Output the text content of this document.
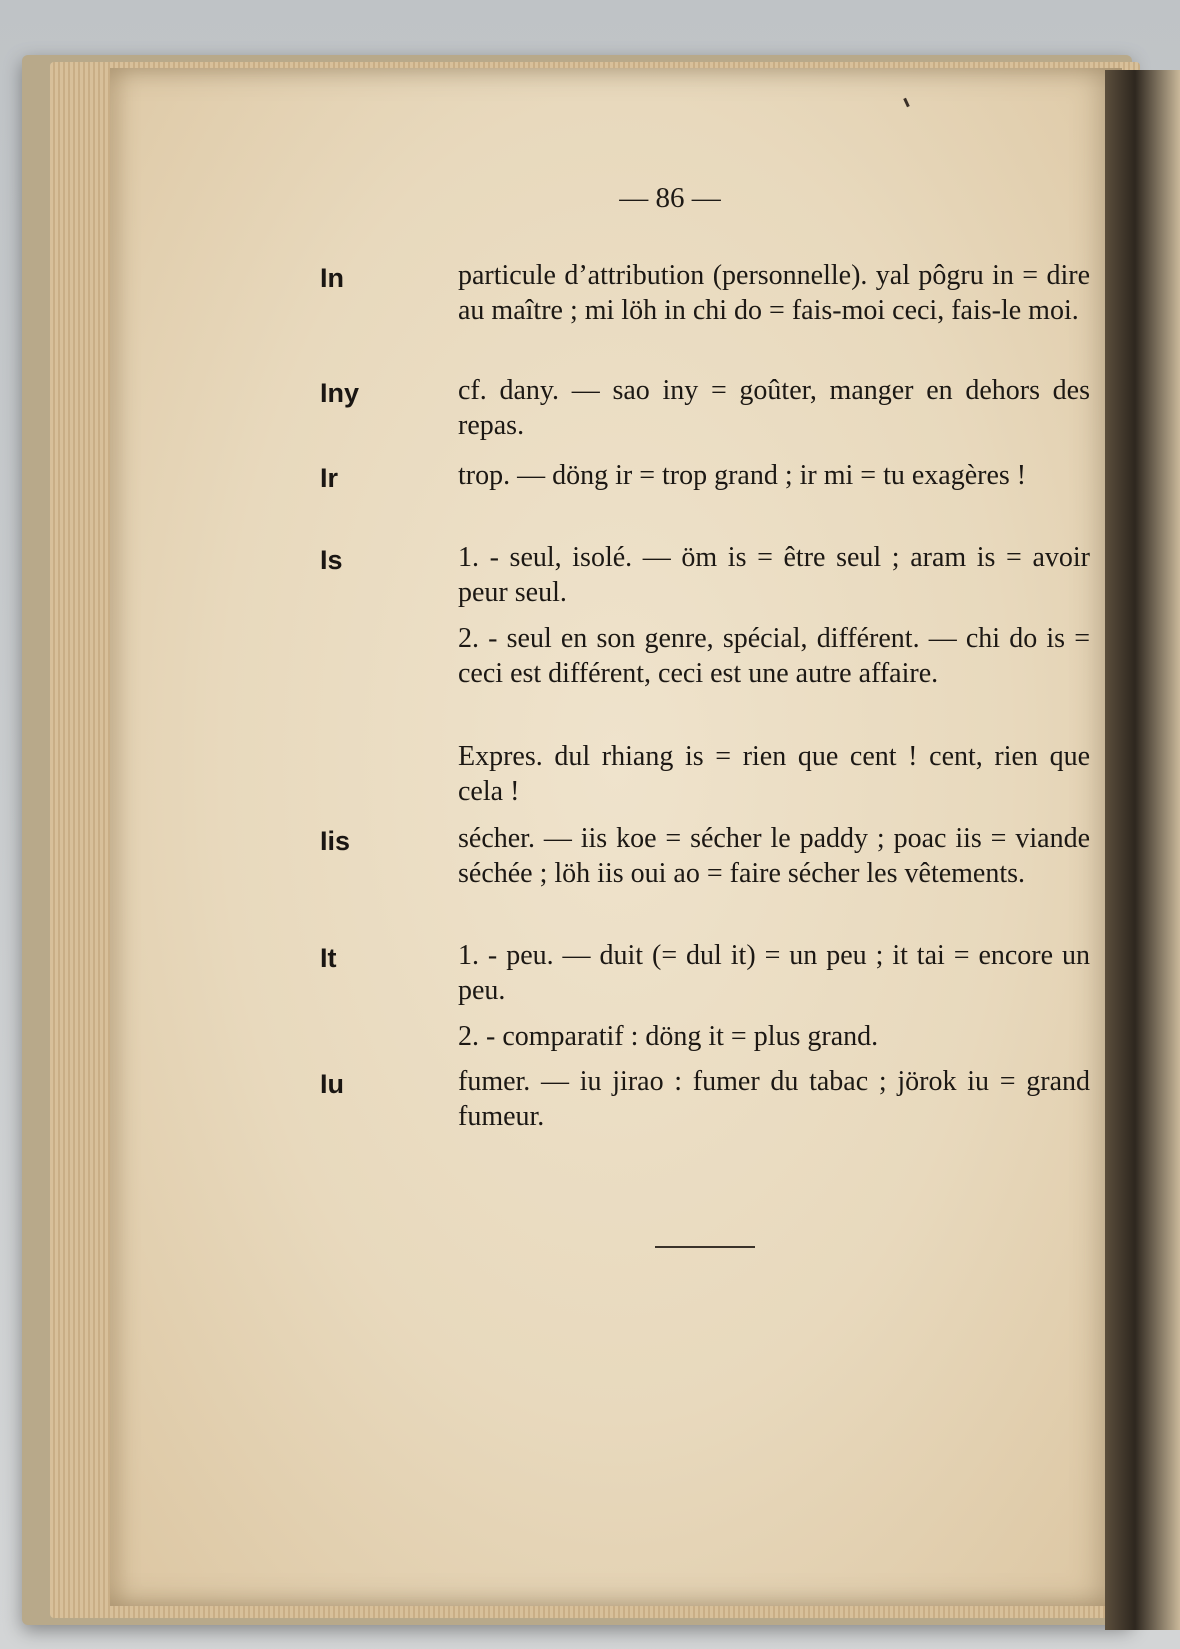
— 86 —
In	particule d’attribution (personnelle). yal pôgru in = dire au maître ; mi löh in chi do = fais-moi ceci, fais-le moi.
Iny	cf. dany. — sao iny = goûter, manger en dehors des repas.
Ir	trop. — döng ir = trop grand ; ir mi = tu exagères !
Is	1. - seul, isolé. — öm is = être seul ; aram is = avoir peur seul.
2. - seul en son genre, spécial, différent. — chi do is = ceci est différent, ceci est une autre affaire.
Expres. dul rhiang is = rien que cent ! cent, rien que cela !
Iis	sécher. — iis koe = sécher le paddy ; poac iis = viande séchée ; löh iis oui ao = faire sécher les vêtements.
It	1. - peu. — duit (= dul it) = un peu ; it tai = encore un peu.
2. - comparatif : döng it = plus grand.
Iu	fumer. — iu jirao : fumer du tabac ; jörok iu = grand fumeur.
